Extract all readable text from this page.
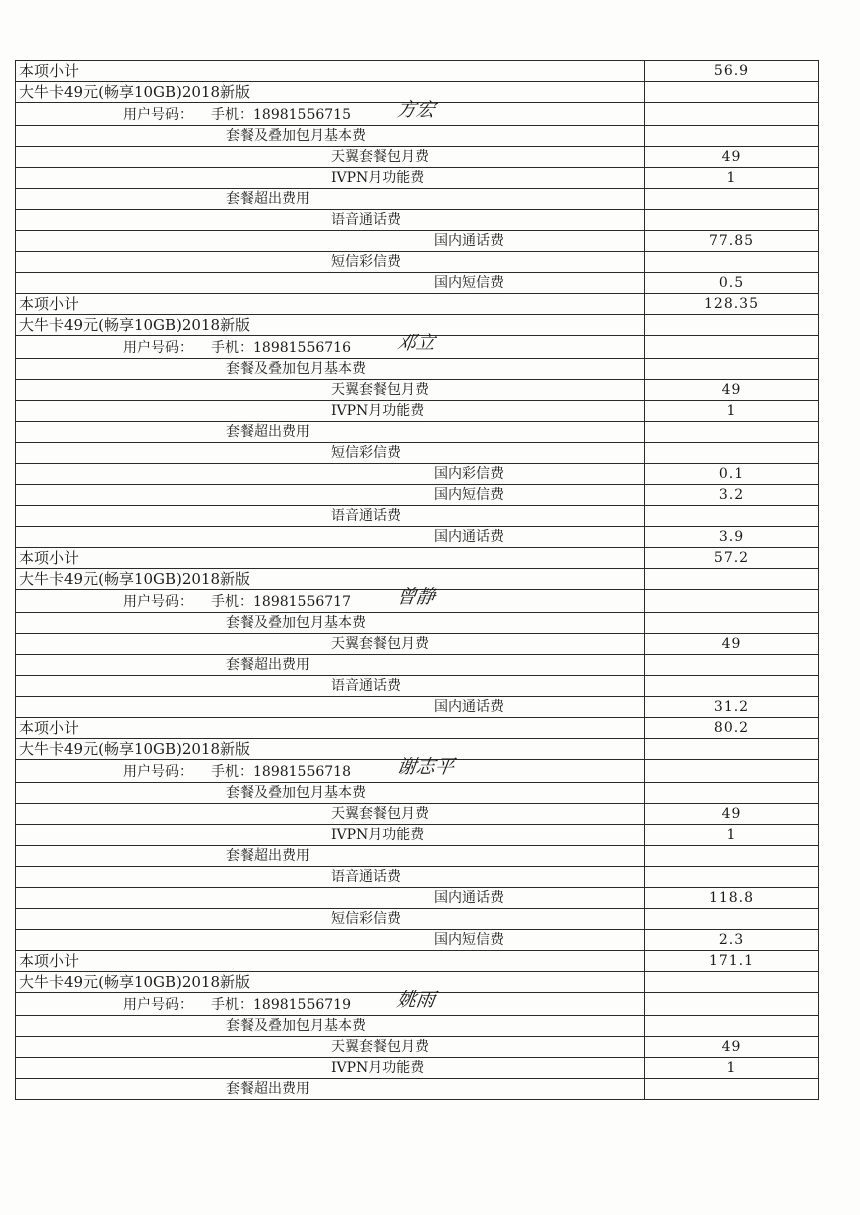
本项小计	56.9
大牛卡49元(畅享10GB)2018新版	
用户号码： 手机：18981556715 方宏	
套餐及叠加包月基本费	
天翼套餐包月费	49
IVPN月功能费	1
套餐超出费用	
语音通话费	
国内通话费	77.85
短信彩信费	
国内短信费	0.5
本项小计	128.35
大牛卡49元(畅享10GB)2018新版	
用户号码： 手机：18981556716 邓立	
套餐及叠加包月基本费	
天翼套餐包月费	49
IVPN月功能费	1
套餐超出费用	
短信彩信费	
国内彩信费	0.1
国内短信费	3.2
语音通话费	
国内通话费	3.9
本项小计	57.2
大牛卡49元(畅享10GB)2018新版	
用户号码： 手机：18981556717 曾静	
套餐及叠加包月基本费	
天翼套餐包月费	49
套餐超出费用	
语音通话费	
国内通话费	31.2
本项小计	80.2
大牛卡49元(畅享10GB)2018新版	
用户号码： 手机：18981556718 谢志平	
套餐及叠加包月基本费	
天翼套餐包月费	49
IVPN月功能费	1
套餐超出费用	
语音通话费	
国内通话费	118.8
短信彩信费	
国内短信费	2.3
本项小计	171.1
大牛卡49元(畅享10GB)2018新版	
用户号码： 手机：18981556719 姚雨	
套餐及叠加包月基本费	
天翼套餐包月费	49
IVPN月功能费	1
套餐超出费用	
